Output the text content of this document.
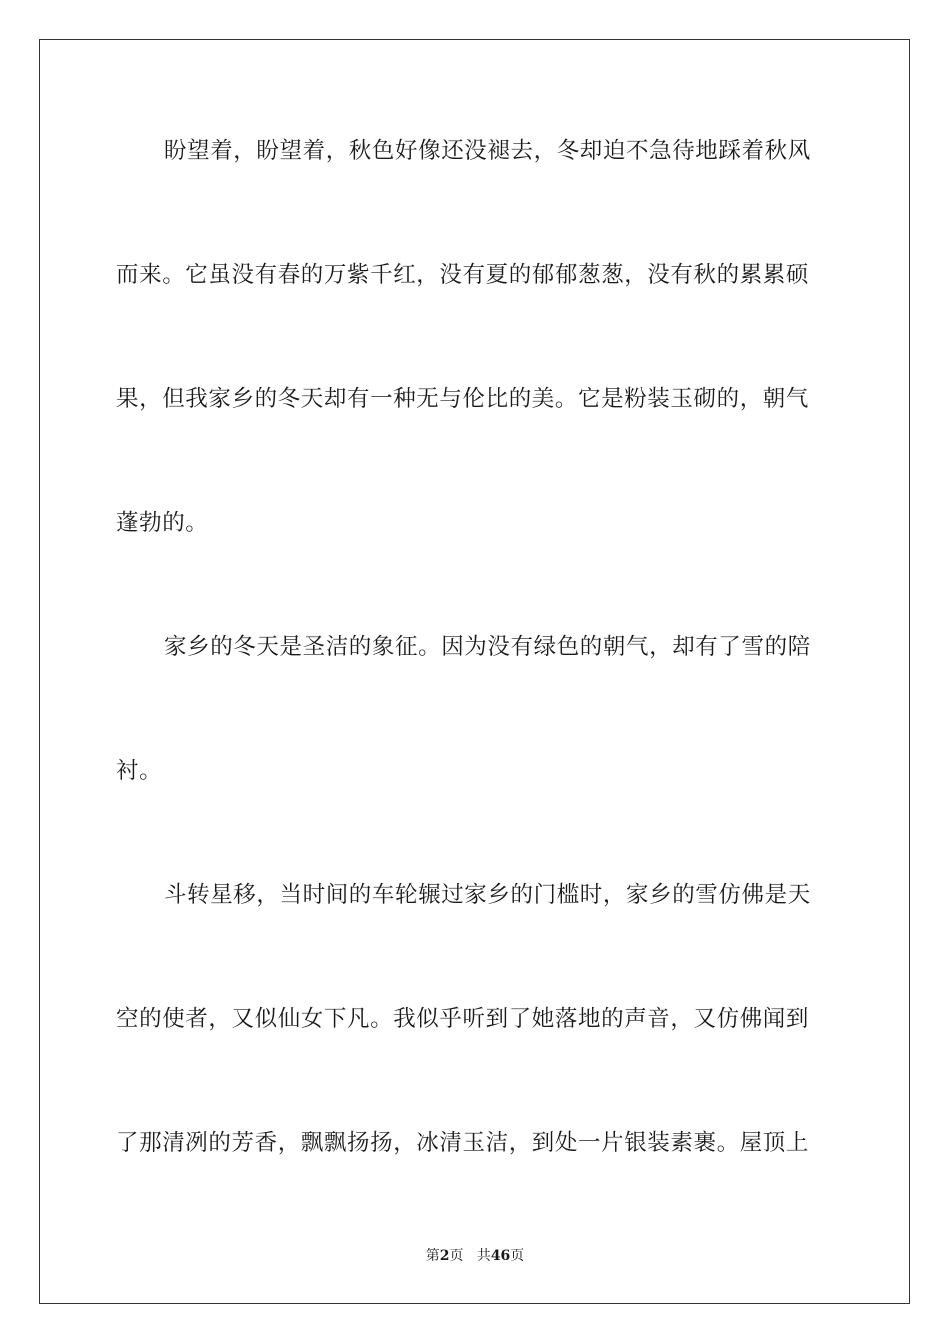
盼望着，盼望着，秋色好像还没褪去，冬却迫不急待地踩着秋风
而来。它虽没有春的万紫千红，没有夏的郁郁葱葱，没有秋的累累硕
果，但我家乡的冬天却有一种无与伦比的美。它是粉装玉砌的，朝气
蓬勃的。
家乡的冬天是圣洁的象征。因为没有绿色的朝气，却有了雪的陪
衬。
斗转星移，当时间的车轮辗过家乡的门槛时，家乡的雪仿佛是天
空的使者，又似仙女下凡。我似乎听到了她落地的声音，又仿佛闻到
了那清冽的芳香，飘飘扬扬，冰清玉洁，到处一片银装素裹。屋顶上
第2页 共46页
